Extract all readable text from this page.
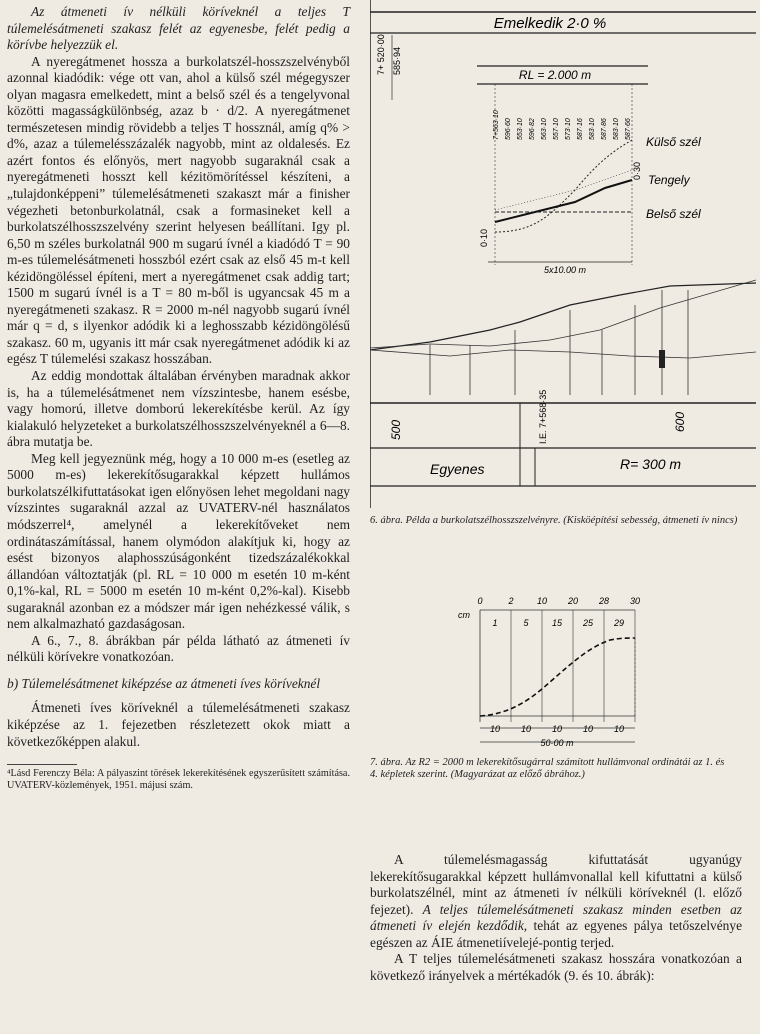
Az átmeneti ív nélküli köríveknél a teljes T túlemelésátmeneti szakasz felét az egyenesbe, felét pedig a körívbe helyezzük el.

A nyeregátmenet hossza a burkolatszél-hosszszelvényből azonnal kiadódik: vége ott van, ahol a külső szél mégegyszer olyan magasra emelkedett, mint a belső szél és a tengelyvonal közötti magasságkülönbség, azaz b · d/2. A nyeregátmenet természetesen mindig rövidebb a teljes T hossznál, amíg q% > d%, azaz a túlemelésszázalék nagyobb, mint az oldalesés. Ez azért fontos és előnyös, mert nagyobb sugaraknál csak a nyeregátmeneti hosszt kell kézitömörítéssel készíteni, a „tulajdonképpeni” túlemelésátmeneti szakaszt már a finisher végezheti betonburkolatnál, csak a formasineket kell a burkolatszélhosszszelvény szerint helyesen beállítani. Igy pl. 6,50 m széles burkolatnál 900 m sugarú ívnél a kiadódó T = 90 m-es túlemelésátmeneti hosszból ezért csak az első 45 m-t kell kézidöngöléssel építeni, mert a nyeregátmenet csak addig tart; 1500 m sugarú ívnél is a T = 80 m-ből is ugyancsak 45 m a nyeregátmeneti szakasz. R = 2000 m-nél nagyobb sugarú ívnél már q = d, s ilyenkor adódik ki a leghosszabb kézidöngölésű szakasz. 60 m, ugyanis itt már csak nyeregátmenet adódik ki az egész T túlemelési szakasz hosszában.

Az eddig mondottak általában érvényben maradnak akkor is, ha a túlemelésátmenet nem vízszintesbe, hanem esésbe, vagy homorú, illetve domború lekerekítésbe kerül. Az így kialakuló helyzeteket a burkolatszélhosszszelvényeknél a 6—8. ábra mutatja be.

Meg kell jegyeznünk még, hogy a 10 000 m-es (esetleg az 5000 m-es) lekerekítősugarakkal képzett hullámos burkolatszélkifuttatásokat igen előnyösen lehet megoldani nagy vízszintes sugaraknál azzal az UVATERV-nél használatos módszerrel⁴, amelynél a lekerekítőveket nem ordinátaszámítással, hanem olymódon alakítjuk ki, hogy az esést bizonyos alaphosszúságonként tizedszázalékokkal állandóan változtatják (pl. RL = 10 000 m esetén 10 m-ként 0,1%-kal, RL = 5000 m esetén 10 m-ként 0,2%-kal). Kisebb sugaraknál azonban ez a módszer már igen nehézkessé válik, s nem alkalmazható gazdaságosan.

A 6., 7., 8. ábrákban pár példa látható az átmeneti ív nélküli körívekre vonatkozóan.

b) Túlemelésátmenet kiképzése az átmeneti íves köríveknél

Átmeneti íves köríveknél a túlemelésátmeneti szakasz kiképzése az 1. fejezetben részletezett okok miatt a következőképpen alakul.

⁴Lásd Ferenczy Béla: A pályaszint törések lekerekítésének egyszerűsített számítása. UVATERV-közlemények, 1951. májusi szám.

Emelkedik 2·0 %
7+ 520·00 585·94	RL = 2.000 m
7+563·10 596·60 553·10 596·82 563·10 557·10 573·10 587·16 583·10 587·86 583·10 587·66
5x10.00 m
0·10
0·30
Külső szél
Tengely
Belső szél
500	600
I.E. 7+568·35
Egyenes	R= 300 m
6. ábra. Példa a burkolatszélhosszszelvényre. (Kisköépítési sebesség, átmeneti ív nincs)
cm
0	2	10 20 28 30
1	5	15 25 29
10 10 10 10 10
50·00 m
7. ábra. Az R2 = 2000 m lekerekítősugárral számított hullámvonal ordinátái az 1. és 4. képletek szerint. (Magyarázat az előző ábrához.)

A túlemelésmagasság kifuttatását ugyanúgy lekerekítősugarakkal képzett hullámvonallal kell kifuttatni a külső burkolatszélnél, mint az átmeneti ív nélküli köríveknél (l. előző fejezet). A teljes túlemelésátmeneti szakasz minden esetben az átmeneti ív elején kezdődik, tehát az egyenes pálya tetőszelvénye egészen az ÁIE átmenetiívelejé-pontig terjed.

A T teljes túlemelésátmeneti szakasz hosszára vonatkozóan a következő irányelvek a mértékadók (9. és 10. ábrák):
